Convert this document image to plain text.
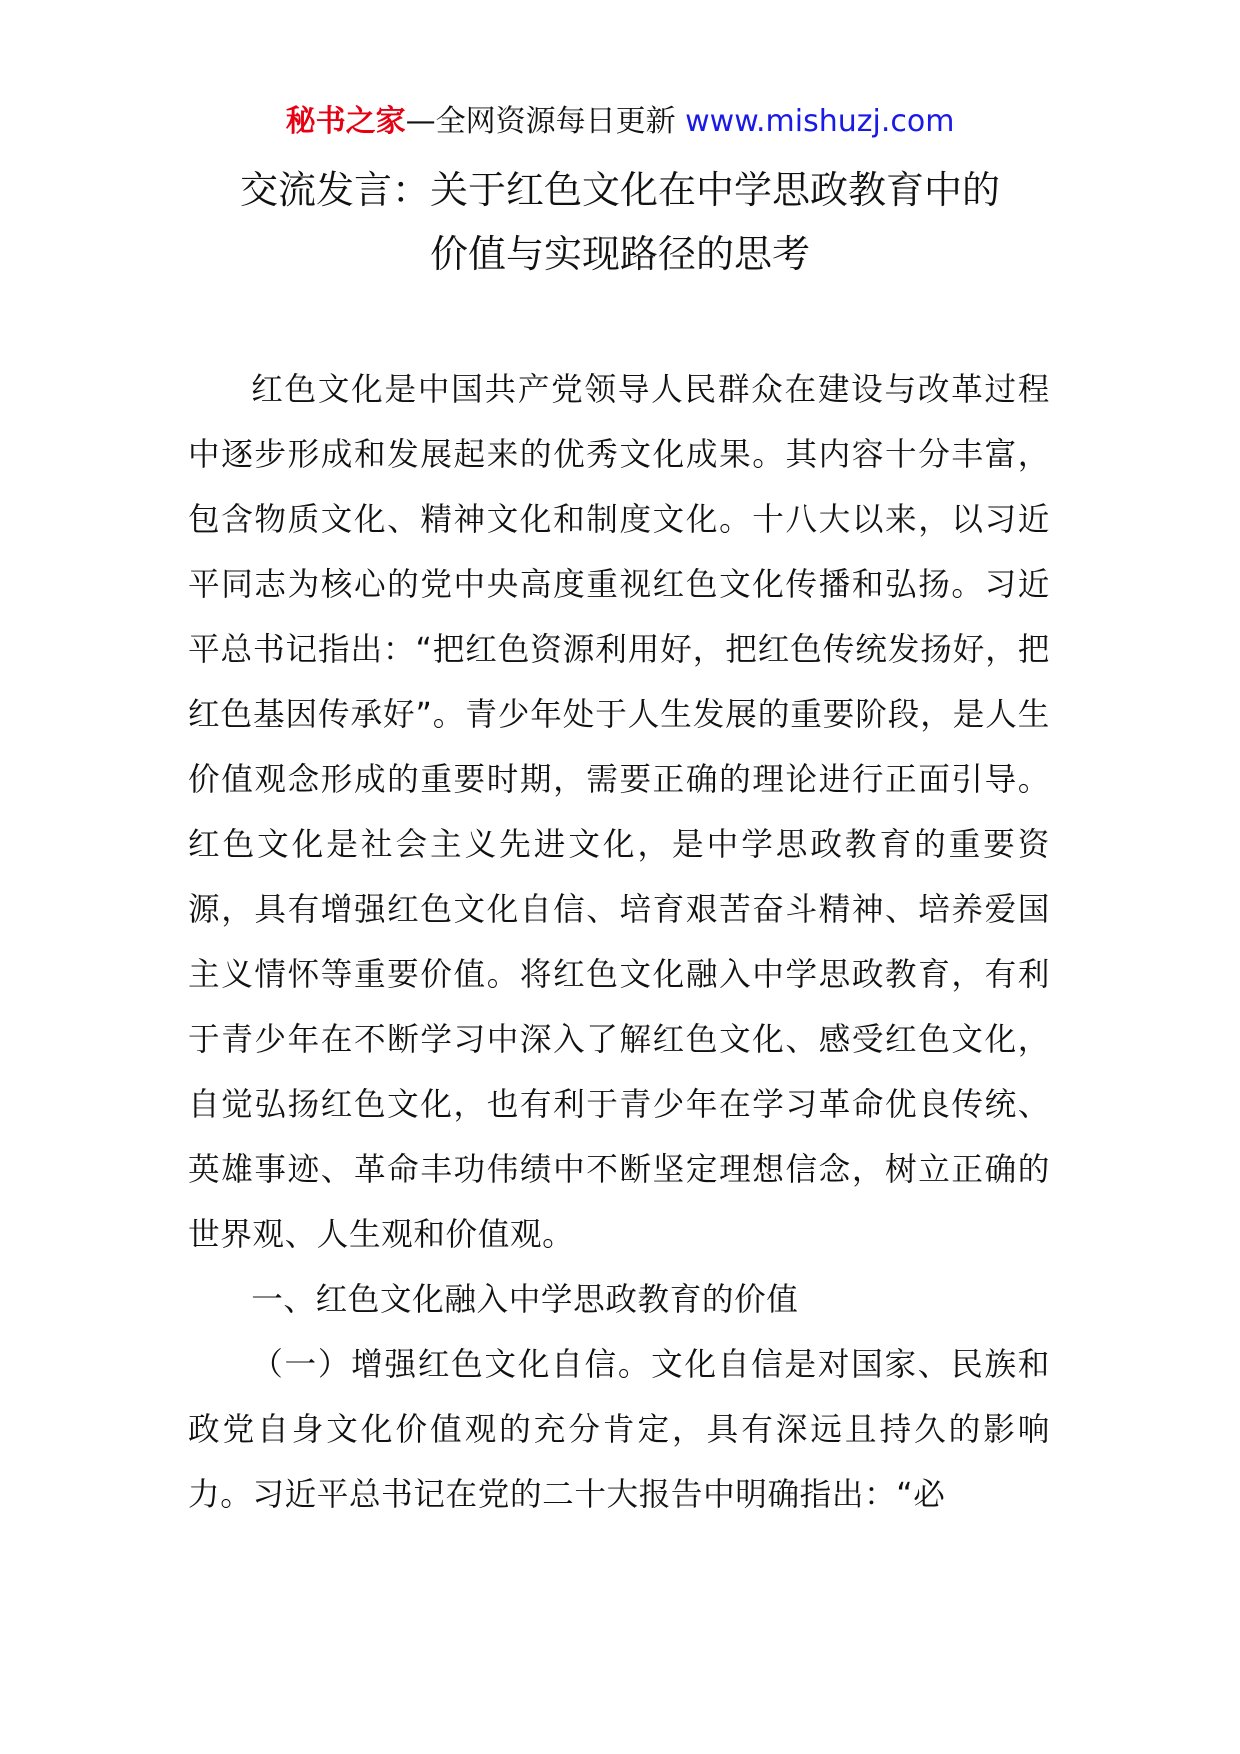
秘书之家—全网资源每日更新 www.mishuzj.com
交流发言：关于红色文化在中学思政教育中的
价值与实现路径的思考

红色文化是中国共产党领导人民群众在建设与改革过程中逐步形成和发展起来的优秀文化成果。其内容十分丰富，包含物质文化、精神文化和制度文化。十八大以来，以习近平同志为核心的党中央高度重视红色文化传播和弘扬。习近平总书记指出：“把红色资源利用好，把红色传统发扬好，把红色基因传承好”。青少年处于人生发展的重要阶段，是人生价值观念形成的重要时期，需要正确的理论进行正面引导。红色文化是社会主义先进文化，是中学思政教育的重要资源，具有增强红色文化自信、培育艰苦奋斗精神、培养爱国主义情怀等重要价值。将红色文化融入中学思政教育，有利于青少年在不断学习中深入了解红色文化、感受红色文化，自觉弘扬红色文化，也有利于青少年在学习革命优良传统、英雄事迹、革命丰功伟绩中不断坚定理想信念，树立正确的世界观、人生观和价值观。

一、红色文化融入中学思政教育的价值

（一）增强红色文化自信。文化自信是对国家、民族和政党自身文化价值观的充分肯定，具有深远且持久的影响力。习近平总书记在党的二十大报告中明确指出：“必
